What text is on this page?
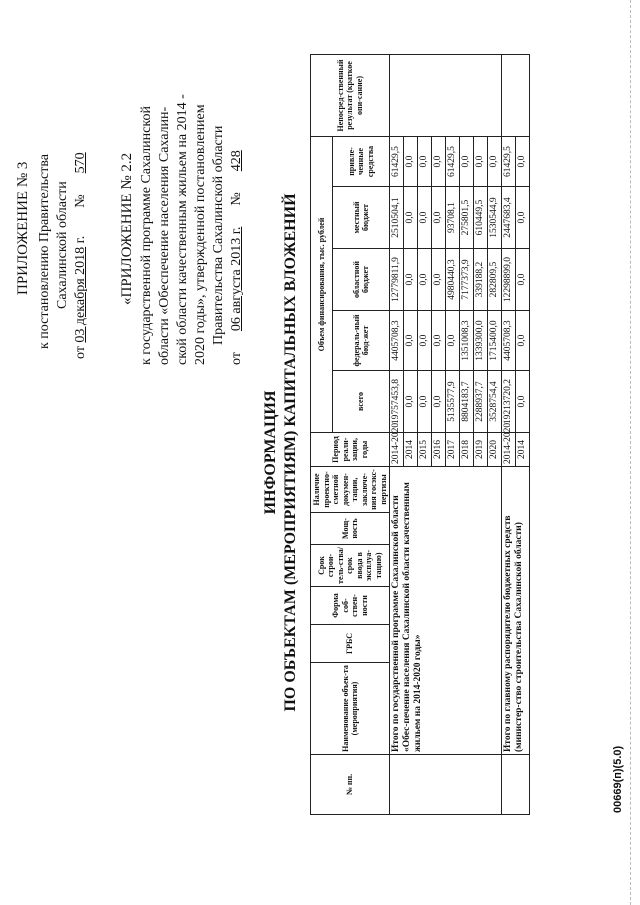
ПРИЛОЖЕНИЕ № 3 к постановлению Правительства Сахалинской области
от 03 декабря 2018 г.        №      570 «ПРИЛОЖЕНИЕ № 2.2 к государственной программе Сахалинской области «Обеспечение населения Сахалин- ской области качественным жильем на 2014 - 2020 годы», утвержденной постановлением Правительства Сахалинской области
от      06 августа 2013 г.      №      428
ИНФОРМАЦИЯ ПО ОБЪЕКТАМ (МЕРОПРИЯТИЯМ) КАПИТАЛЬНЫХ ВЛОЖЕНИЙ
№ пп.	Наименование объек-та (мероприятия)	ГРБС	Форма соб-ствен-ности	Срок строи-тель-ства/срок ввода в эксплуа-тацию)	Мощ-ность	Наличие проектно-сметной докумен-тации, заключе-ния госэкс-пертизы	Период реали-зации, годы	Объем финансирования, тыс. рублей					Непосред-ственный результат (краткое опи-сание)
								всего	федераль-ный бюд-жет	областной бюджет	местный бюджет	привле-ченные средства	
	Итого по государственной программе Сахалинской области «Обес-печение населения Сахалинской области качественным жильем на 2014-2020 годы»						2014-2020	19757453,8	4405708,3	12779811,9	2510504,1	61429,5	
							2014	0,0	0,0	0,0	0,0	0,0	
							2015	0,0	0,0	0,0	0,0	0,0	
							2016	0,0	0,0	0,0	0,0	0,0	
							2017	5135577,9	0,0	4980440,3	93708,1	61429,5	
							2018	8804183,7	1351008,3	7177373,9	275801,5	0,0	
							2019	2288937,7	1339300,0	339188,2	610449,5	0,0	
							2020	3528754,4	1715400,0	282809,5	1530544,9	0,0	
	Итого по главному распорядителю бюджетных средств (министер-ство строительства Сахалинской области)						2014-2020	19213720,2	4405708,3	12298899,0	2447683,4	61429,5	
							2014	0,0	0,0	0,0	0,0	0,0	
00669(п)(5.0)
